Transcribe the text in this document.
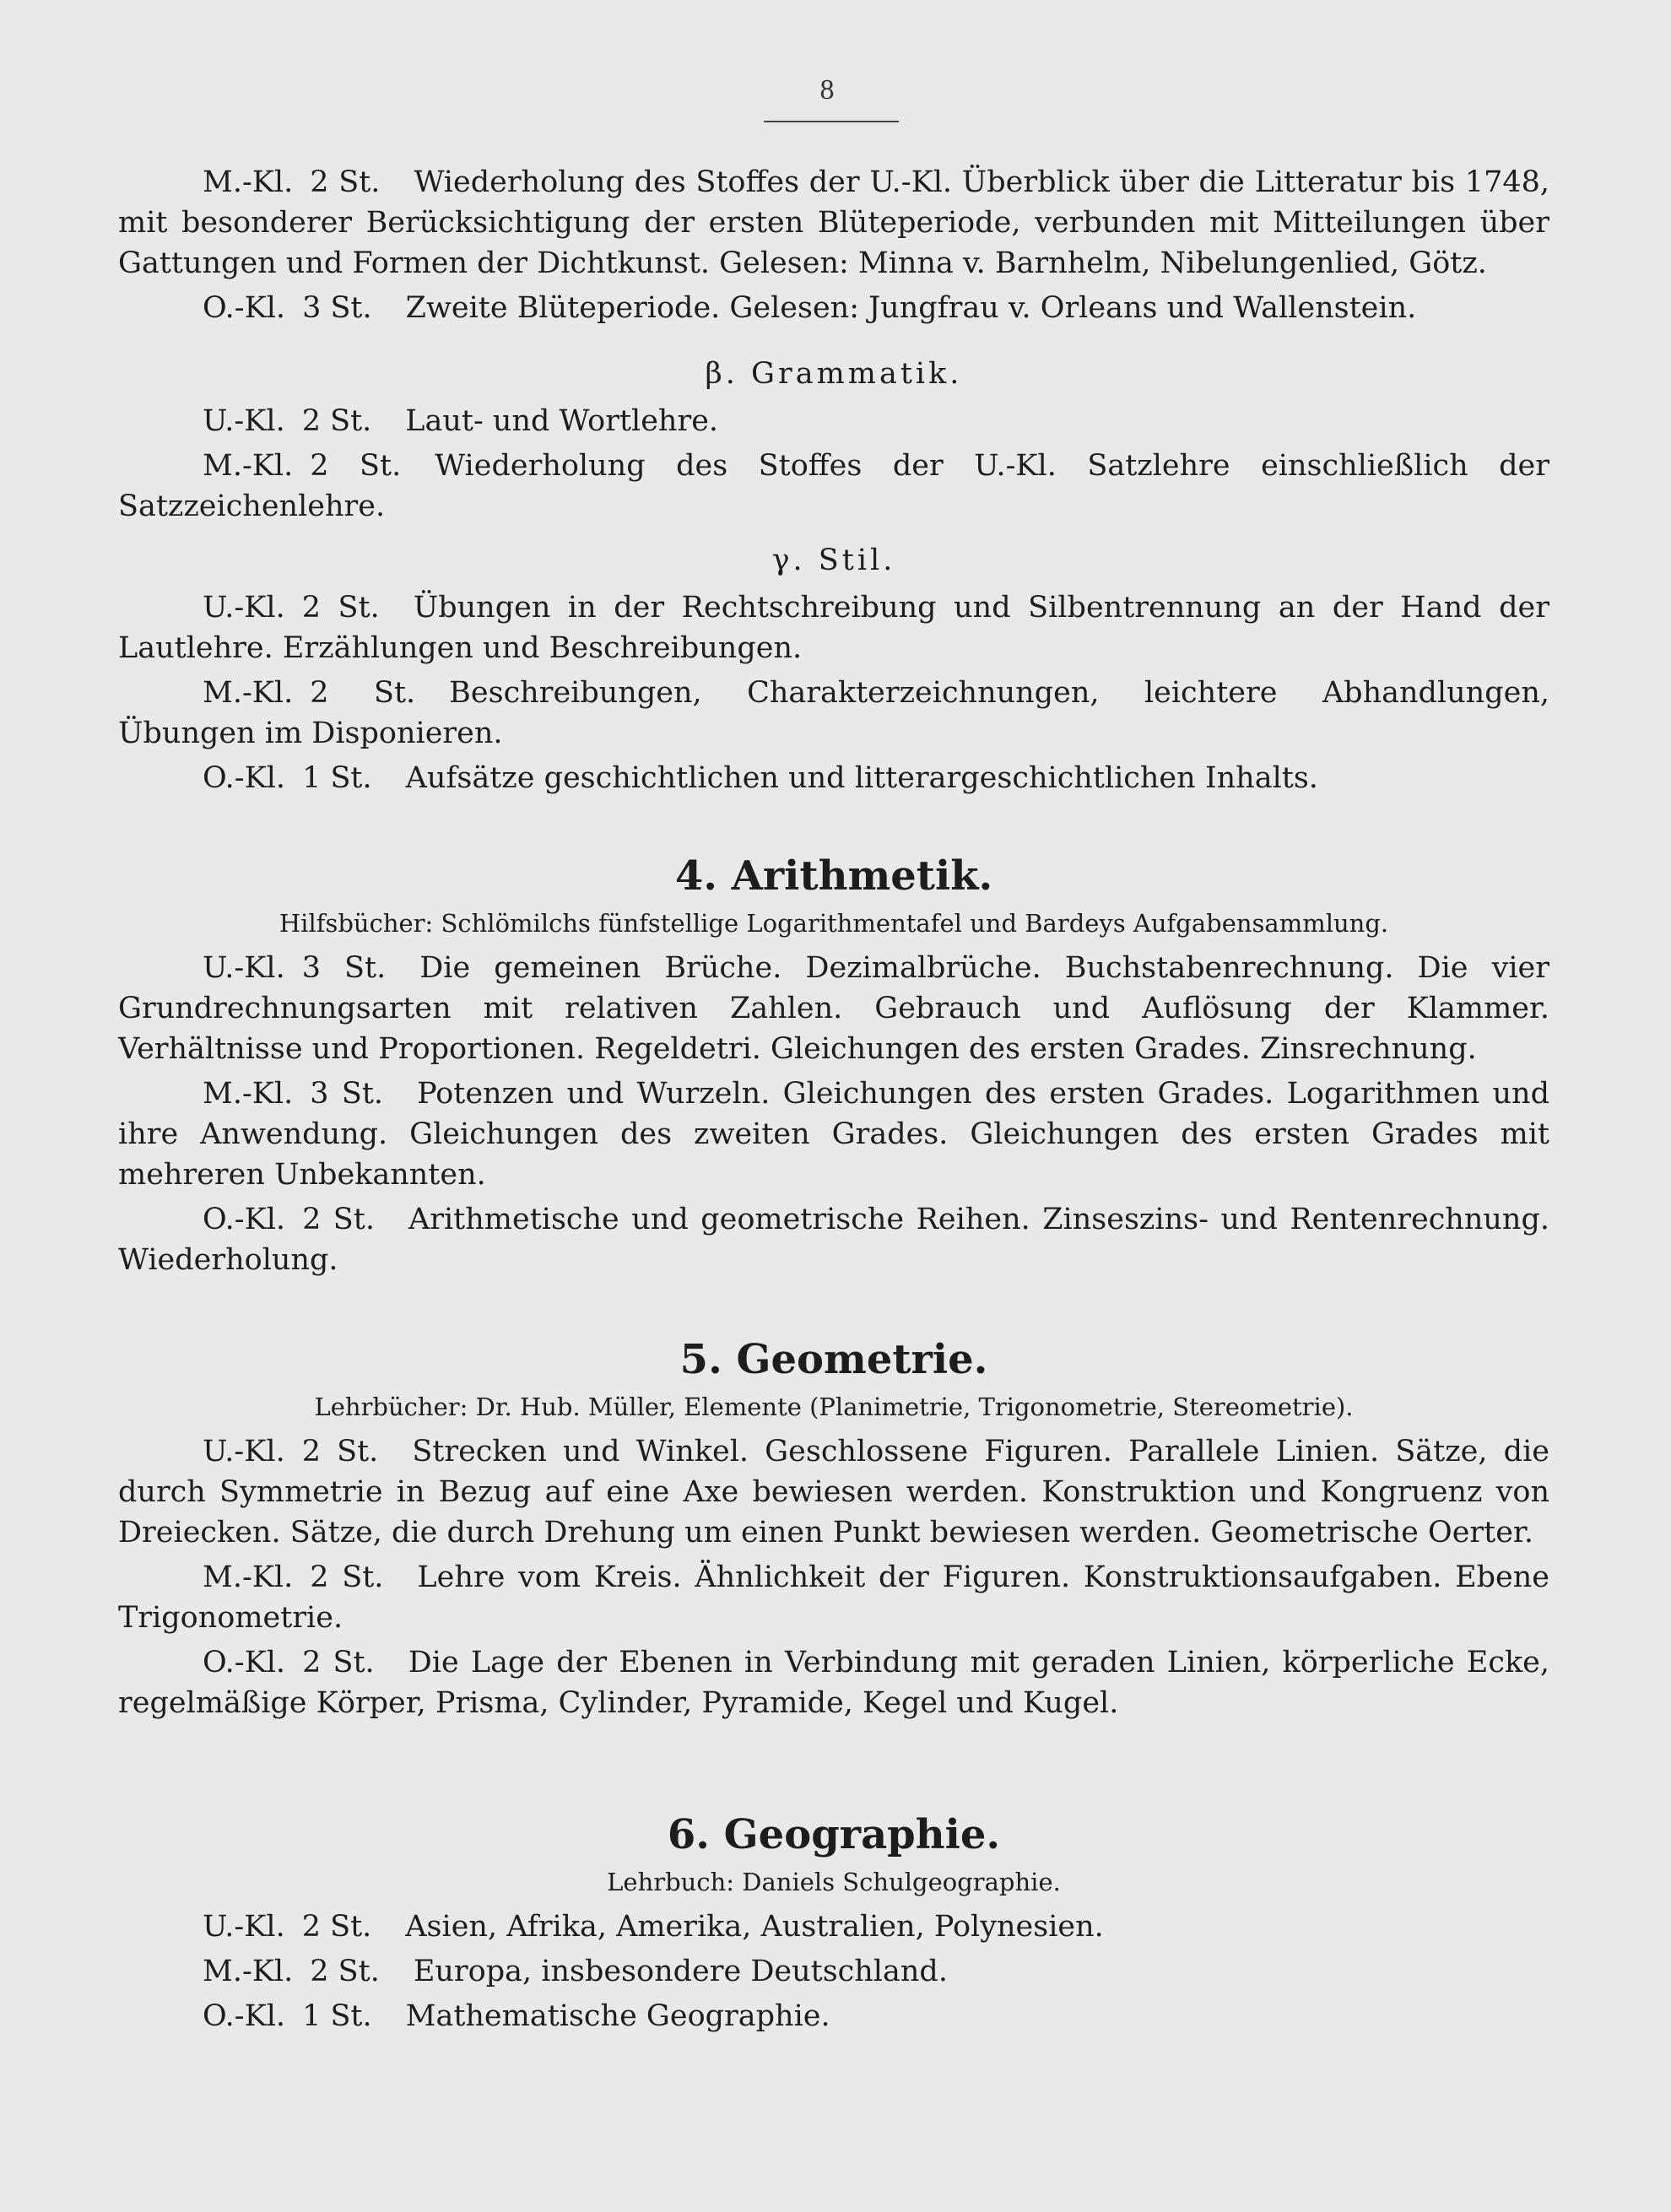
8

M.-Kl. 2 St. Wiederholung des Stoffes der U.-Kl. Überblick über die Litteratur bis 1748, mit besonderer Berücksichtigung der ersten Blüteperiode, verbunden mit Mitteilungen über Gattungen und Formen der Dichtkunst. Gelesen: Minna v. Barnhelm, Nibelungenlied, Götz.

O.-Kl. 3 St. Zweite Blüteperiode. Gelesen: Jungfrau v. Orleans und Wallenstein.

β. Grammatik.

U.-Kl. 2 St. Laut- und Wortlehre.

M.-Kl. 2 St. Wiederholung des Stoffes der U.-Kl. Satzlehre einschließlich der Satzzeichenlehre.

γ. Stil.

U.-Kl. 2 St. Übungen in der Rechtschreibung und Silbentrennung an der Hand der Lautlehre. Erzählungen und Beschreibungen.

M.-Kl. 2 St. Beschreibungen, Charakterzeichnungen, leichtere Abhandlungen, Übungen im Disponieren.

O.-Kl. 1 St. Aufsätze geschichtlichen und litterargeschichtlichen Inhalts.

4. Arithmetik.
Hilfsbücher: Schlömilchs fünfstellige Logarithmentafel und Bardeys Aufgabensammlung.

U.-Kl. 3 St. Die gemeinen Brüche. Dezimalbrüche. Buchstabenrechnung. Die vier Grundrechnungsarten mit relativen Zahlen. Gebrauch und Auflösung der Klammer. Verhältnisse und Proportionen. Regeldetri. Gleichungen des ersten Grades. Zinsrechnung.

M.-Kl. 3 St. Potenzen und Wurzeln. Gleichungen des ersten Grades. Logarithmen und ihre Anwendung. Gleichungen des zweiten Grades. Gleichungen des ersten Grades mit mehreren Unbekannten.

O.-Kl. 2 St. Arithmetische und geometrische Reihen. Zinseszins- und Rentenrechnung. Wiederholung.

5. Geometrie.
Lehrbücher: Dr. Hub. Müller, Elemente (Planimetrie, Trigonometrie, Stereometrie).

U.-Kl. 2 St. Strecken und Winkel. Geschlossene Figuren. Parallele Linien. Sätze, die durch Symmetrie in Bezug auf eine Axe bewiesen werden. Konstruktion und Kongruenz von Dreiecken. Sätze, die durch Drehung um einen Punkt bewiesen werden. Geometrische Oerter.

M.-Kl. 2 St. Lehre vom Kreis. Ähnlichkeit der Figuren. Konstruktionsaufgaben. Ebene Trigonometrie.

O.-Kl. 2 St. Die Lage der Ebenen in Verbindung mit geraden Linien, körperliche Ecke, regelmäßige Körper, Prisma, Cylinder, Pyramide, Kegel und Kugel.

6. Geographie.
Lehrbuch: Daniels Schulgeographie.

U.-Kl. 2 St. Asien, Afrika, Amerika, Australien, Polynesien.

M.-Kl. 2 St. Europa, insbesondere Deutschland.

O.-Kl. 1 St. Mathematische Geographie.
